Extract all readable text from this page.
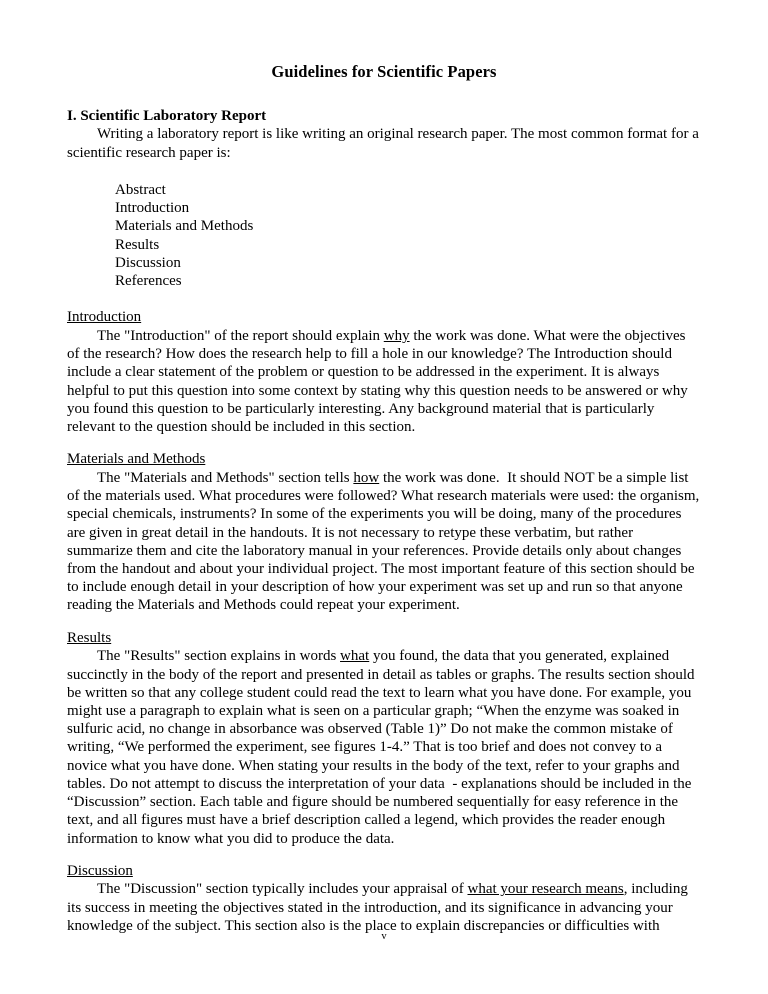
Guidelines for Scientific Papers
I. Scientific Laboratory Report

Writing a laboratory report is like writing an original research paper. The most common format for a scientific research paper is:

Abstract
Introduction
Materials and Methods
Results
Discussion
References
Introduction

The "Introduction" of the report should explain why the work was done. What were the objectives of the research? How does the research help to fill a hole in our knowledge? The Introduction should include a clear statement of the problem or question to be addressed in the experiment. It is always helpful to put this question into some context by stating why this question needs to be answered or why you found this question to be particularly interesting. Any background material that is particularly relevant to the question should be included in this section.

Materials and Methods

The "Materials and Methods" section tells how the work was done.  It should NOT be a simple list of the materials used. What procedures were followed? What research materials were used: the organism, special chemicals, instruments? In some of the experiments you will be doing, many of the procedures are given in great detail in the handouts. It is not necessary to retype these verbatim, but rather summarize them and cite the laboratory manual in your references. Provide details only about changes from the handout and about your individual project. The most important feature of this section should be to include enough detail in your description of how your experiment was set up and run so that anyone reading the Materials and Methods could repeat your experiment.

Results

The "Results" section explains in words what you found, the data that you generated, explained succinctly in the body of the report and presented in detail as tables or graphs. The results section should be written so that any college student could read the text to learn what you have done. For example, you might use a paragraph to explain what is seen on a particular graph; “When the enzyme was soaked in sulfuric acid, no change in absorbance was observed (Table 1)” Do not make the common mistake of writing, “We performed the experiment, see figures 1-4.” That is too brief and does not convey to a novice what you have done. When stating your results in the body of the text, refer to your graphs and tables. Do not attempt to discuss the interpretation of your data  - explanations should be included in the “Discussion” section. Each table and figure should be numbered sequentially for easy reference in the text, and all figures must have a brief description called a legend, which provides the reader enough information to know what you did to produce the data.

Discussion

The "Discussion" section typically includes your appraisal of what your research means, including its success in meeting the objectives stated in the introduction, and its significance in advancing your knowledge of the subject. This section also is the place to explain discrepancies or difficulties with

v
